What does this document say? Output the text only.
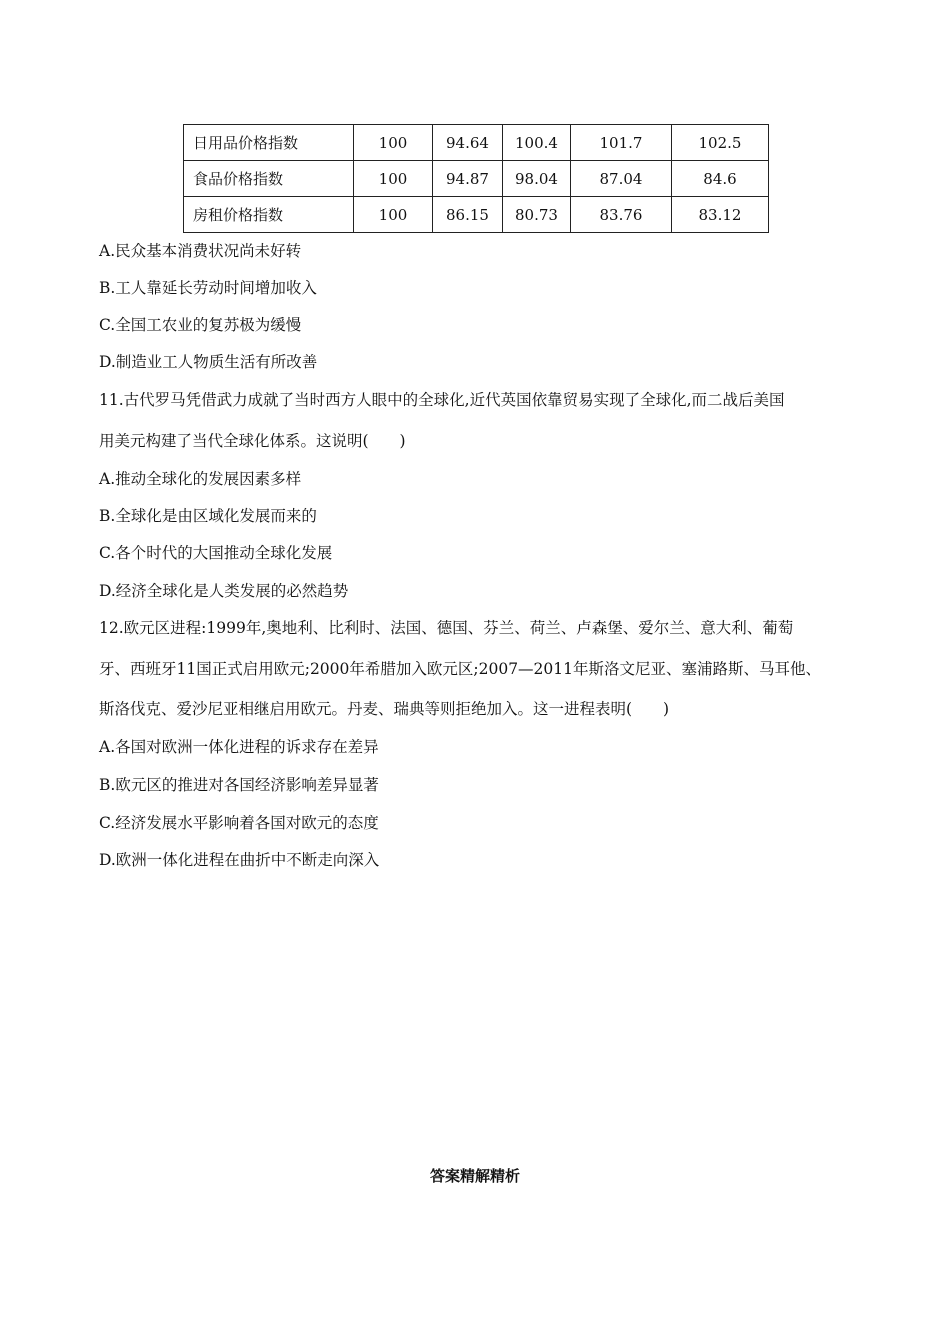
日用品价格指数	100	94.64	100.4	101.7	102.5
食品价格指数	100	94.87	98.04	87.04	84.6
房租价格指数	100	86.15	80.73	83.76	83.12
A.民众基本消费状况尚未好转
B.工人靠延长劳动时间增加收入
C.全国工农业的复苏极为缓慢
D.制造业工人物质生活有所改善
11.古代罗马凭借武力成就了当时西方人眼中的全球化,近代英国依靠贸易实现了全球化,而二战后美国
用美元构建了当代全球化体系。这说明(　　)
A.推动全球化的发展因素多样
B.全球化是由区域化发展而来的
C.各个时代的大国推动全球化发展
D.经济全球化是人类发展的必然趋势
12.欧元区进程:1999年,奥地利、比利时、法国、德国、芬兰、荷兰、卢森堡、爱尔兰、意大利、葡萄
牙、西班牙11国正式启用欧元;2000年希腊加入欧元区;2007—2011年斯洛文尼亚、塞浦路斯、马耳他、
斯洛伐克、爱沙尼亚相继启用欧元。丹麦、瑞典等则拒绝加入。这一进程表明(　　)
A.各国对欧洲一体化进程的诉求存在差异
B.欧元区的推进对各国经济影响差异显著
C.经济发展水平影响着各国对欧元的态度
D.欧洲一体化进程在曲折中不断走向深入
答案精解精析
